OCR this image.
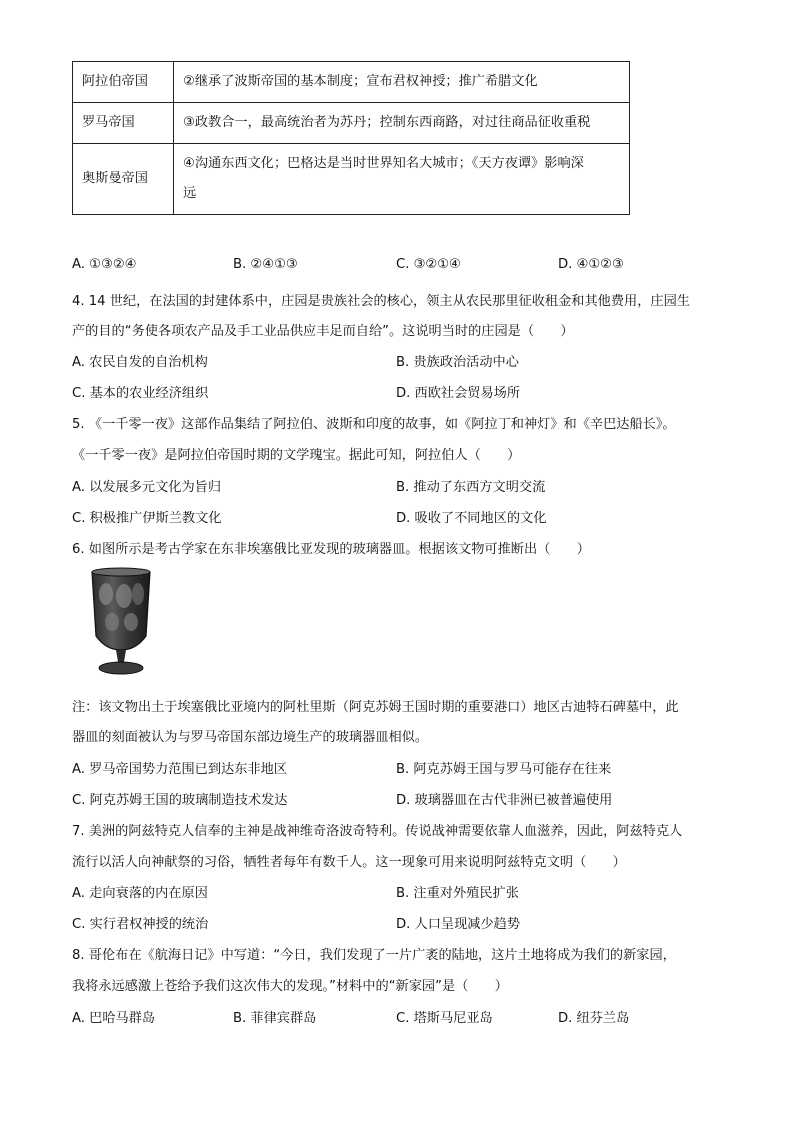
阿拉伯帝国	②继承了波斯帝国的基本制度；宣布君权神授；推广希腊文化
罗马帝国	③政教合一，最高统治者为苏丹；控制东西商路，对过往商品征收重税
奥斯曼帝国	④沟通东西文化；巴格达是当时世界知名大城市；《天方夜谭》影响深
远
A. ①③②④	B. ②④①③	C. ③②①④	D. ④①②③
4. 14 世纪，在法国的封建体系中，庄园是贵族社会的核心，领主从农民那里征收租金和其他费用，庄园生
产的目的“务使各项农产品及手工业品供应丰足而自给”。这说明当时的庄园是（　　）
A. 农民自发的自治机构	B. 贵族政治活动中心
C. 基本的农业经济组织	D. 西欧社会贸易场所
5. 《一千零一夜》这部作品集结了阿拉伯、波斯和印度的故事，如《阿拉丁和神灯》和《辛巴达船长》。
《一千零一夜》是阿拉伯帝国时期的文学瑰宝。据此可知，阿拉伯人（　　）
A. 以发展多元文化为旨归	B. 推动了东西方文明交流
C. 积极推广伊斯兰教文化	D. 吸收了不同地区的文化
6. 如图所示是考古学家在东非埃塞俄比亚发现的玻璃器皿。根据该文物可推断出（　　）
注：该文物出土于埃塞俄比亚境内的阿杜里斯（阿克苏姆王国时期的重要港口）地区古迪特石碑墓中，此
器皿的刻面被认为与罗马帝国东部边境生产的玻璃器皿相似。
A. 罗马帝国势力范围已到达东非地区	B. 阿克苏姆王国与罗马可能存在往来
C. 阿克苏姆王国的玻璃制造技术发达	D. 玻璃器皿在古代非洲已被普遍使用
7. 美洲的阿兹特克人信奉的主神是战神维奇洛波奇特利。传说战神需要依靠人血滋养，因此，阿兹特克人
流行以活人向神献祭的习俗，牺牲者每年有数千人。这一现象可用来说明阿兹特克文明（　　）
A. 走向衰落的内在原因	B. 注重对外殖民扩张
C. 实行君权神授的统治	D. 人口呈现减少趋势
8. 哥伦布在《航海日记》中写道：“今日，我们发现了一片广袤的陆地，这片土地将成为我们的新家园，
我将永远感激上苍给予我们这次伟大的发现。”材料中的“新家园”是（　　）
A. 巴哈马群岛	B. 菲律宾群岛	C. 塔斯马尼亚岛	D. 纽芬兰岛
